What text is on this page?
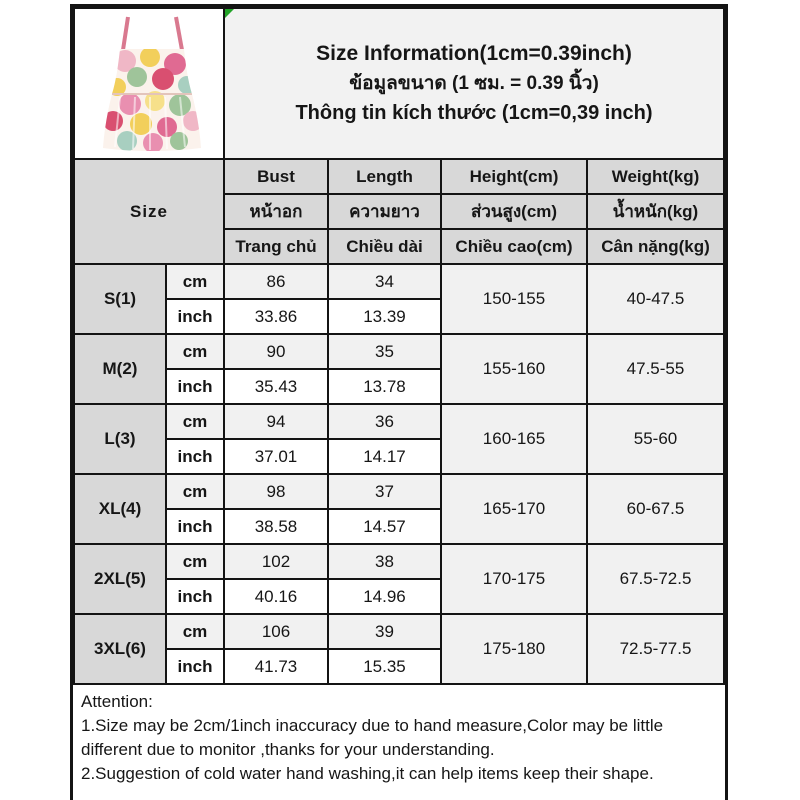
Size Information(1cm=0.39inch)
ข้อมูลขนาด (1 ซม. = 0.39 นิ้ว)
Thông tin kích thước (1cm=0,39 inch)			

Size		Bust	Length	Height(cm)	Weight(kg)
		หน้าอก	ความยาว	ส่วนสูง(cm)	น้ำหนัก(kg)
		Trang chủ	Chiều dài	Chiều cao(cm)	Cân nặng(kg)
S(1)	cm	86	34	150-155	40-47.5
	inch	33.86	13.39		
M(2)	cm	90	35	155-160	47.5-55
	inch	35.43	13.78		
L(3)	cm	94	36	160-165	55-60
	inch	37.01	14.17		
XL(4)	cm	98	37	165-170	60-67.5
	inch	38.58	14.57		
2XL(5)	cm	102	38	170-175	67.5-72.5
	inch	40.16	14.96		
3XL(6)	cm	106	39	175-180	72.5-77.5
	inch	41.73	15.35		
Attention:
1.Size may be 2cm/1inch inaccuracy due to hand measure,Color may be little different due to monitor ,thanks for your understanding.
2.Suggestion of cold water hand washing,it can help items keep their shape.
